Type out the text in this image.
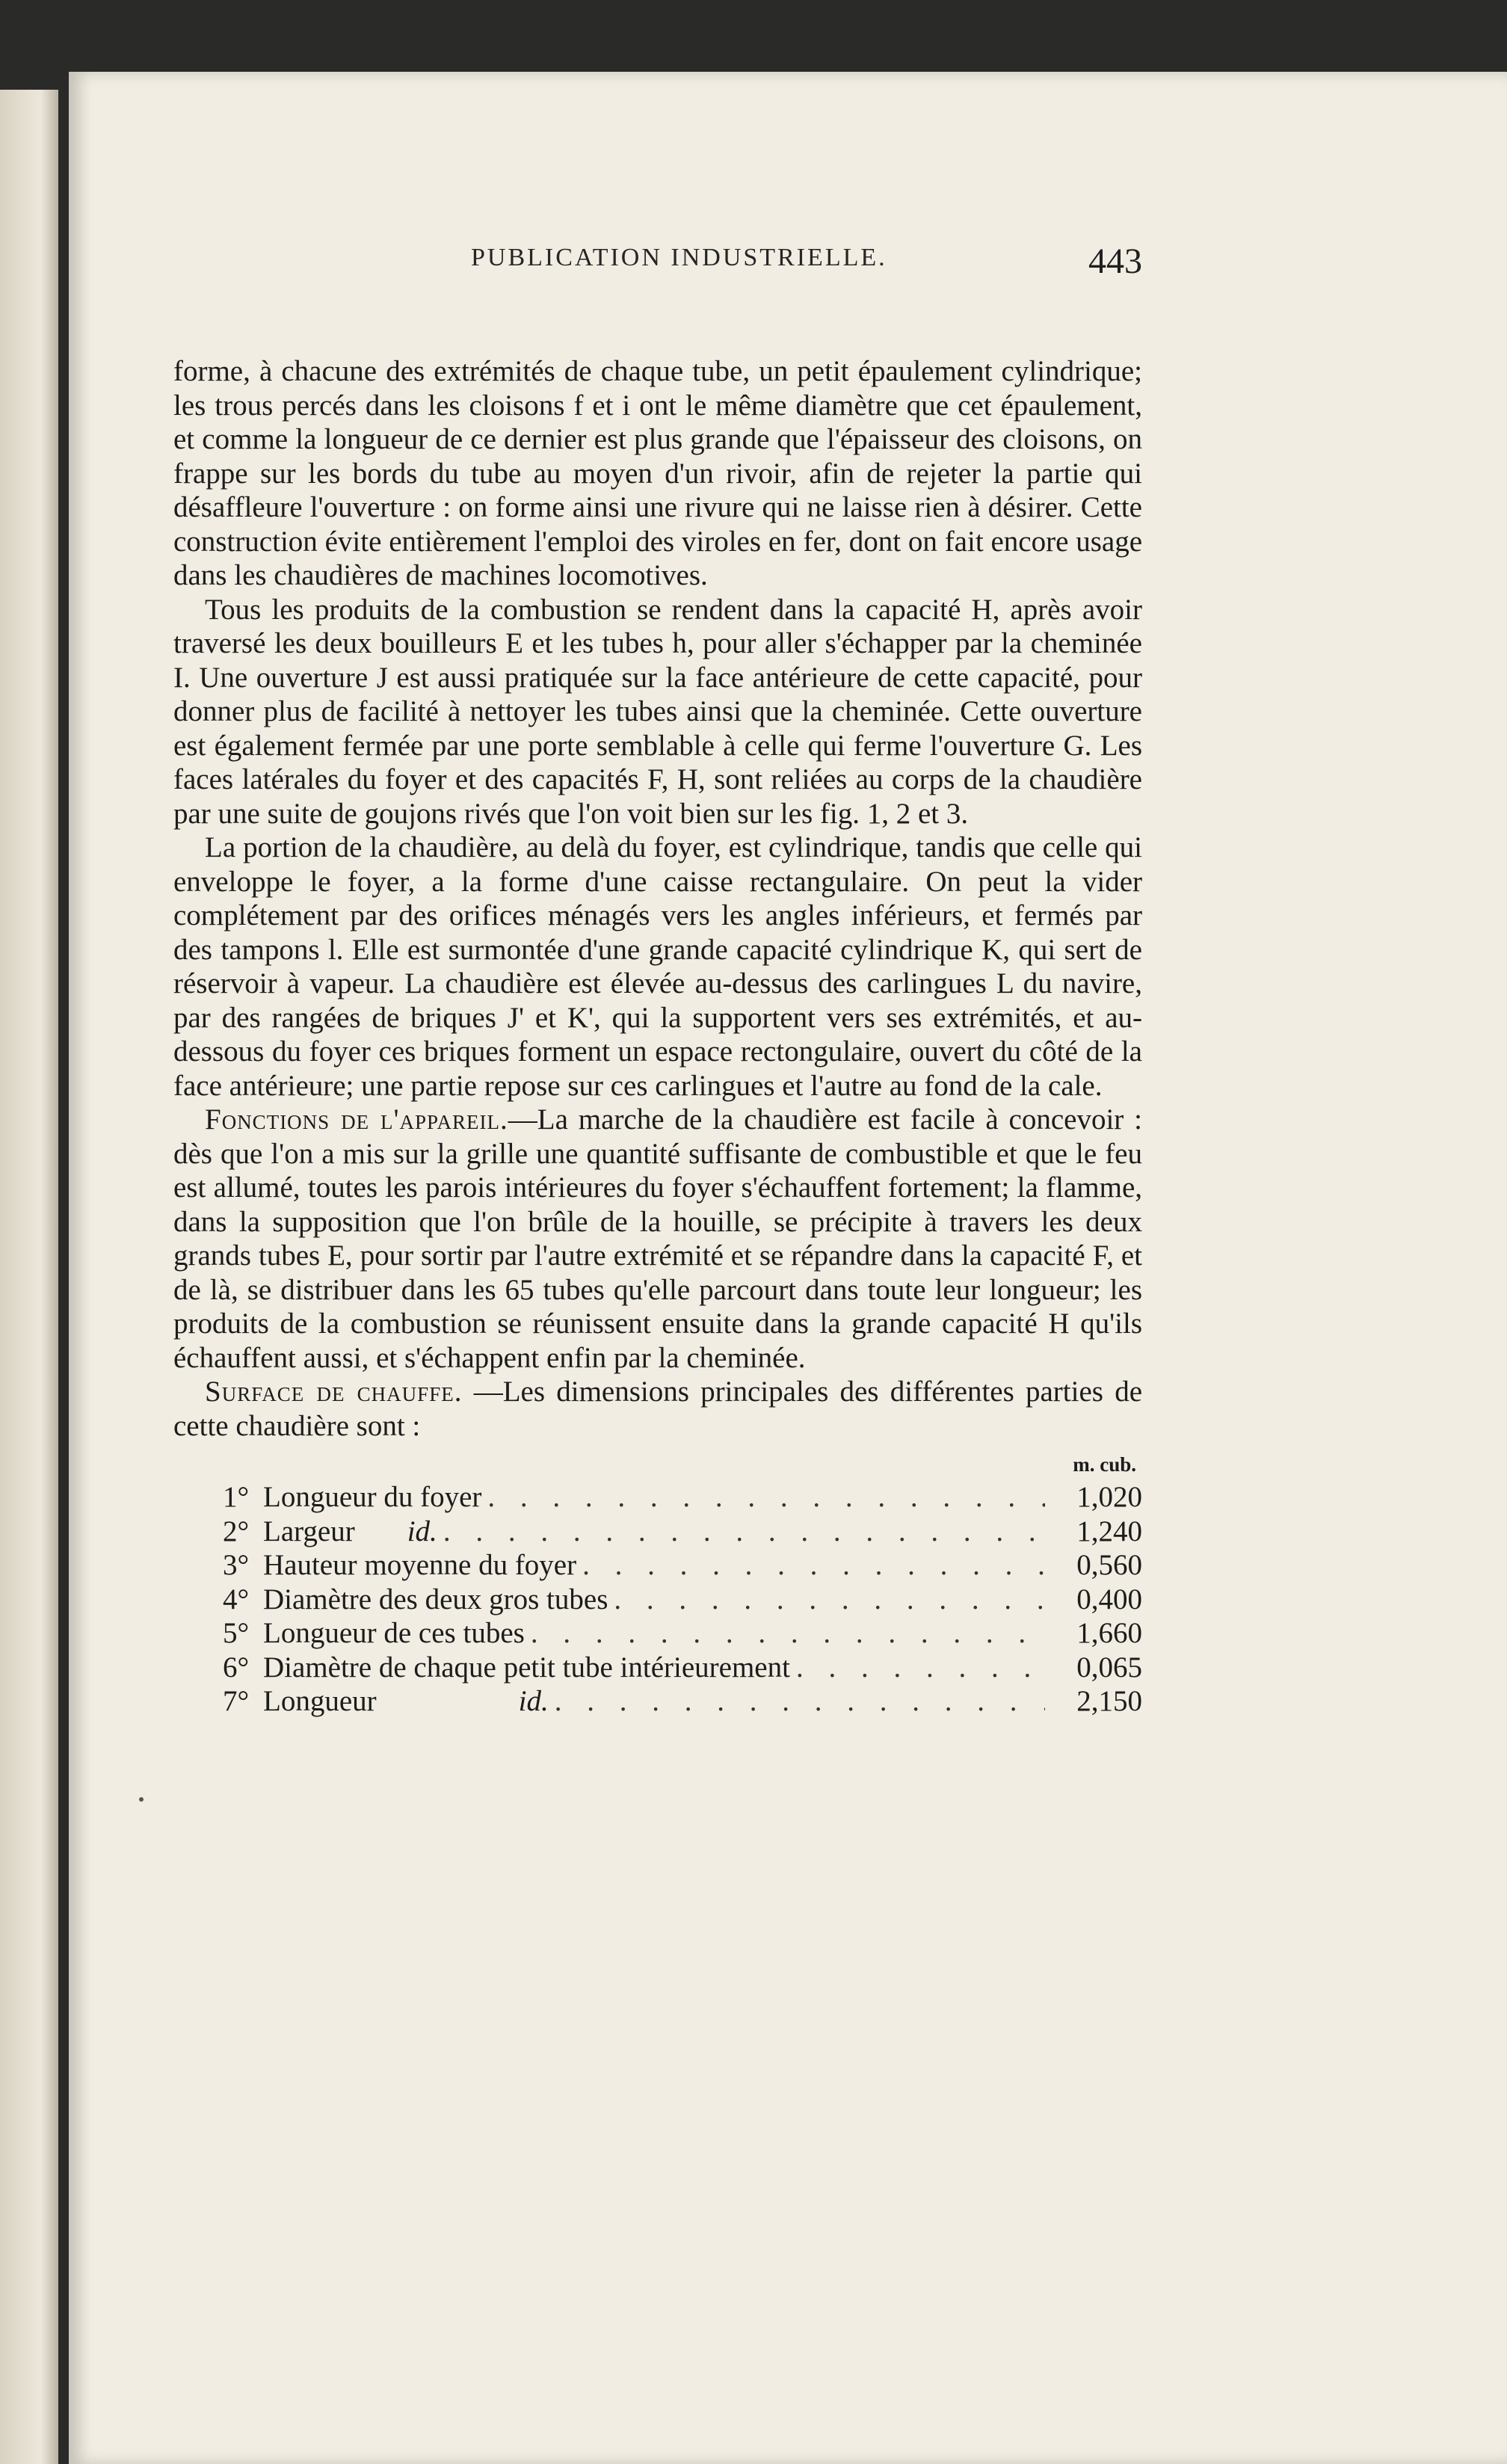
PUBLICATION INDUSTRIELLE.	443

forme, à chacune des extrémités de chaque tube, un petit épaulement cylindrique; les trous percés dans les cloisons f et i ont le même diamètre que cet épaulement, et comme la longueur de ce dernier est plus grande que l'épaisseur des cloisons, on frappe sur les bords du tube au moyen d'un rivoir, afin de rejeter la partie qui désaffleure l'ouverture : on forme ainsi une rivure qui ne laisse rien à désirer. Cette construction évite entièrement l'emploi des viroles en fer, dont on fait encore usage dans les chaudières de machines locomotives.

Tous les produits de la combustion se rendent dans la capacité H, après avoir traversé les deux bouilleurs E et les tubes h, pour aller s'échapper par la cheminée I. Une ouverture J est aussi pratiquée sur la face antérieure de cette capacité, pour donner plus de facilité à nettoyer les tubes ainsi que la cheminée. Cette ouverture est également fermée par une porte semblable à celle qui ferme l'ouverture G. Les faces latérales du foyer et des capacités F, H, sont reliées au corps de la chaudière par une suite de goujons rivés que l'on voit bien sur les fig. 1, 2 et 3.

La portion de la chaudière, au delà du foyer, est cylindrique, tandis que celle qui enveloppe le foyer, a la forme d'une caisse rectangulaire. On peut la vider complétement par des orifices ménagés vers les angles inférieurs, et fermés par des tampons l. Elle est surmontée d'une grande capacité cylindrique K, qui sert de réservoir à vapeur. La chaudière est élevée au-dessus des carlingues L du navire, par des rangées de briques J' et K', qui la supportent vers ses extrémités, et au-dessous du foyer ces briques forment un espace rectongulaire, ouvert du côté de la face antérieure; une partie repose sur ces carlingues et l'autre au fond de la cale.

Fonctions de l'appareil.—La marche de la chaudière est facile à concevoir : dès que l'on a mis sur la grille une quantité suffisante de combustible et que le feu est allumé, toutes les parois intérieures du foyer s'échauffent fortement; la flamme, dans la supposition que l'on brûle de la houille, se précipite à travers les deux grands tubes E, pour sortir par l'autre extrémité et se répandre dans la capacité F, et de là, se distribuer dans les 65 tubes qu'elle parcourt dans toute leur longueur; les produits de la combustion se réunissent ensuite dans la grande capacité H qu'ils échauffent aussi, et s'échappent enfin par la cheminée.

Surface de chauffe. —Les dimensions principales des différentes parties de cette chaudière sont :

m. cub.
1° Longueur du foyer . . .	1,020
2° Largeur id. . . .	1,240
3° Hauteur moyenne du foyer . . .	0,560
4° Diamètre des deux gros tubes . . .	0,400
5° Longueur de ces tubes . . .	1,660
6° Diamètre de chaque petit tube intérieurement . . .	0,065
7° Longueur	id. . . .	2,150
